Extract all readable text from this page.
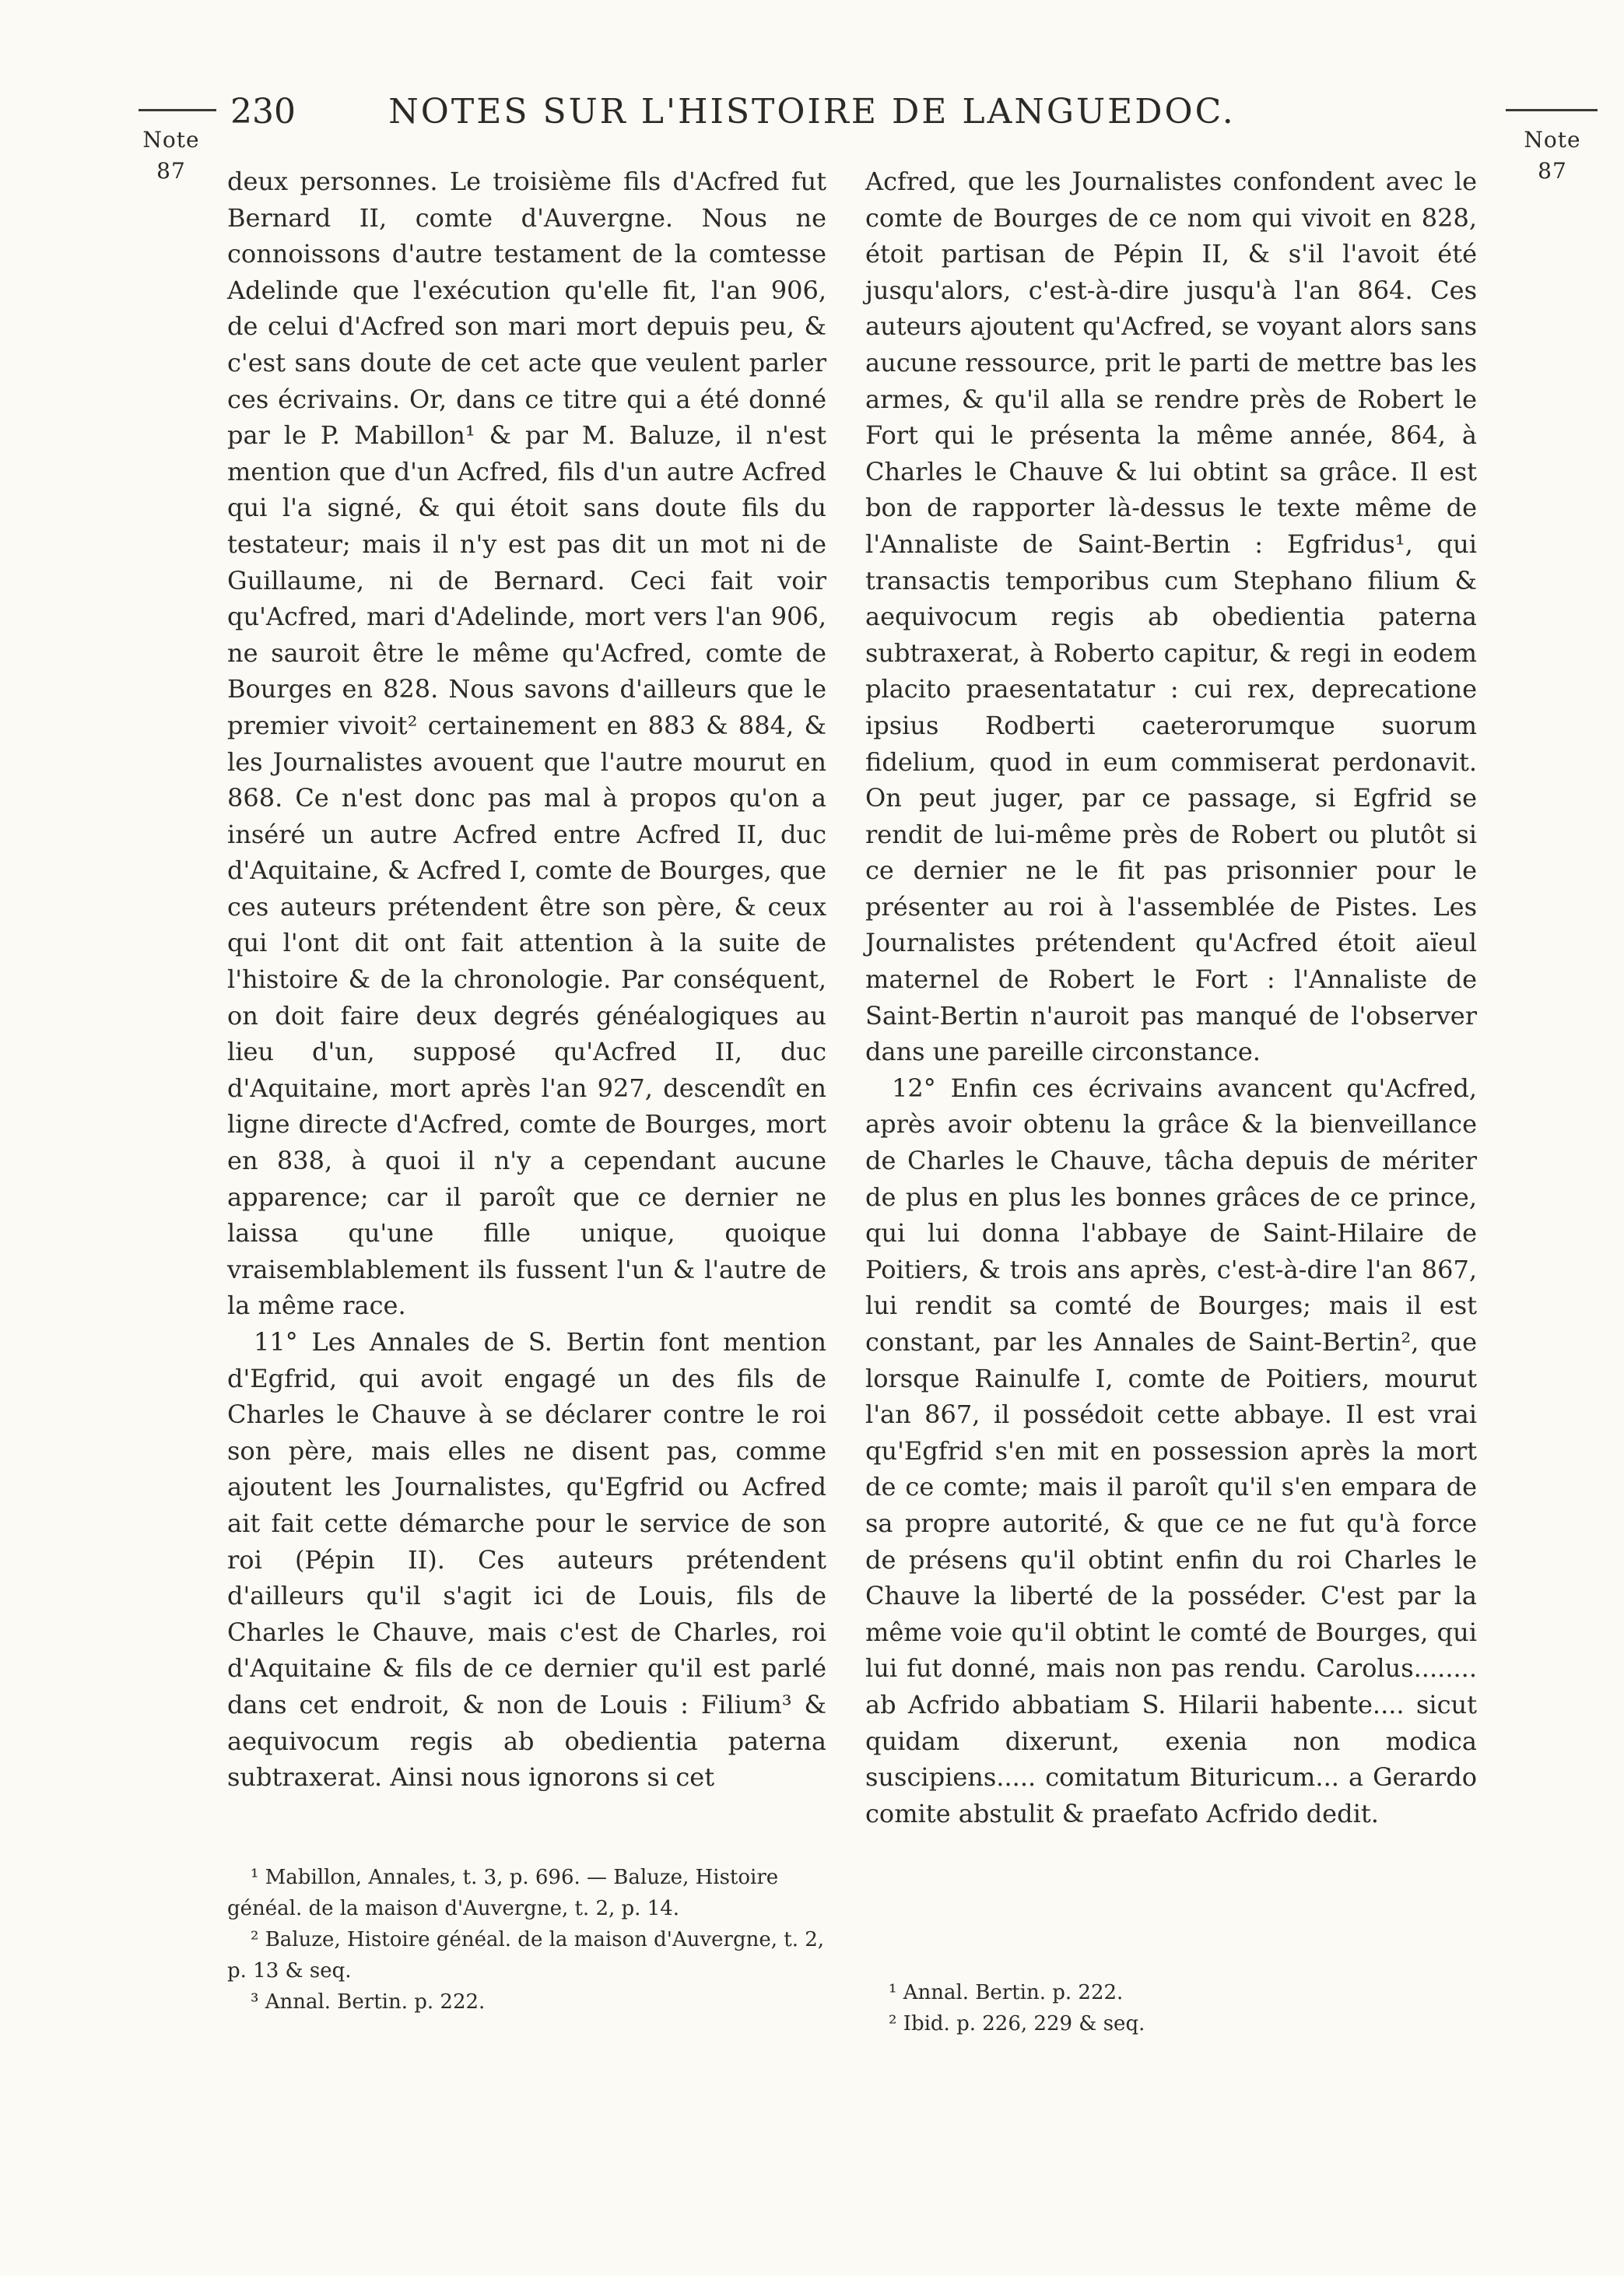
Note
87
Note
87
NOTES SUR L'HISTOIRE DE LANGUEDOC.
230

deux personnes. Le troisième fils d'Acfred fut Bernard II, comte d'Auvergne. Nous ne connoissons d'autre testament de la comtesse Adelinde que l'exécution qu'elle fit, l'an 906, de celui d'Acfred son mari mort depuis peu, & c'est sans doute de cet acte que veulent parler ces écrivains. Or, dans ce titre qui a été donné par le P. Mabillon¹ & par M. Baluze, il n'est mention que d'un Acfred, fils d'un autre Acfred qui l'a signé, & qui étoit sans doute fils du testateur; mais il n'y est pas dit un mot ni de Guillaume, ni de Bernard. Ceci fait voir qu'Acfred, mari d'Adelinde, mort vers l'an 906, ne sauroit être le même qu'Acfred, comte de Bourges en 828. Nous savons d'ailleurs que le premier vivoit² certainement en 883 & 884, & les Journalistes avouent que l'autre mourut en 868. Ce n'est donc pas mal à propos qu'on a inséré un autre Acfred entre Acfred II, duc d'Aquitaine, & Acfred I, comte de Bourges, que ces auteurs prétendent être son père, & ceux qui l'ont dit ont fait attention à la suite de l'histoire & de la chronologie. Par conséquent, on doit faire deux degrés généalogiques au lieu d'un, supposé qu'Acfred II, duc d'Aquitaine, mort après l'an 927, descendît en ligne directe d'Acfred, comte de Bourges, mort en 838, à quoi il n'y a cependant aucune apparence; car il paroît que ce dernier ne laissa qu'une fille unique, quoique vraisemblablement ils fussent l'un & l'autre de la même race.

11° Les Annales de S. Bertin font mention d'Egfrid, qui avoit engagé un des fils de Charles le Chauve à se déclarer contre le roi son père, mais elles ne disent pas, comme ajoutent les Journalistes, qu'Egfrid ou Acfred ait fait cette démarche pour le service de son roi (Pépin II). Ces auteurs prétendent d'ailleurs qu'il s'agit ici de Louis, fils de Charles le Chauve, mais c'est de Charles, roi d'Aquitaine & fils de ce dernier qu'il est parlé dans cet endroit, & non de Louis : Filium³ & aequivocum regis ab obedientia paterna subtraxerat. Ainsi nous ignorons si cet

Acfred, que les Journalistes confondent avec le comte de Bourges de ce nom qui vivoit en 828, étoit partisan de Pépin II, & s'il l'avoit été jusqu'alors, c'est-à-dire jusqu'à l'an 864. Ces auteurs ajoutent qu'Acfred, se voyant alors sans aucune ressource, prit le parti de mettre bas les armes, & qu'il alla se rendre près de Robert le Fort qui le présenta la même année, 864, à Charles le Chauve & lui obtint sa grâce. Il est bon de rapporter là-dessus le texte même de l'Annaliste de Saint-Bertin : Egfridus¹, qui transactis temporibus cum Stephano filium & aequivocum regis ab obedientia paterna subtraxerat, à Roberto capitur, & regi in eodem placito praesentatatur : cui rex, deprecatione ipsius Rodberti caeterorumque suorum fidelium, quod in eum commiserat perdonavit. On peut juger, par ce passage, si Egfrid se rendit de lui-même près de Robert ou plutôt si ce dernier ne le fit pas prisonnier pour le présenter au roi à l'assemblée de Pistes. Les Journalistes prétendent qu'Acfred étoit aïeul maternel de Robert le Fort : l'Annaliste de Saint-Bertin n'auroit pas manqué de l'observer dans une pareille circonstance.

12° Enfin ces écrivains avancent qu'Acfred, après avoir obtenu la grâce & la bienveillance de Charles le Chauve, tâcha depuis de mériter de plus en plus les bonnes grâces de ce prince, qui lui donna l'abbaye de Saint-Hilaire de Poitiers, & trois ans après, c'est-à-dire l'an 867, lui rendit sa comté de Bourges; mais il est constant, par les Annales de Saint-Bertin², que lorsque Rainulfe I, comte de Poitiers, mourut l'an 867, il possédoit cette abbaye. Il est vrai qu'Egfrid s'en mit en possession après la mort de ce comte; mais il paroît qu'il s'en empara de sa propre autorité, & que ce ne fut qu'à force de présens qu'il obtint enfin du roi Charles le Chauve la liberté de la posséder. C'est par la même voie qu'il obtint le comté de Bourges, qui lui fut donné, mais non pas rendu. Carolus........ ab Acfrido abbatiam S. Hilarii habente.... sicut quidam dixerunt, exenia non modica suscipiens..... comitatum Bituricum... a Gerardo comite abstulit & praefato Acfrido dedit.

¹ Mabillon, Annales, t. 3, p. 696. — Baluze, Histoire généal. de la maison d'Auvergne, t. 2, p. 14.

² Baluze, Histoire généal. de la maison d'Auvergne, t. 2, p. 13 & seq.

³ Annal. Bertin. p. 222.	¹ Annal. Bertin. p. 222.

² Ibid. p. 226, 229 & seq.
